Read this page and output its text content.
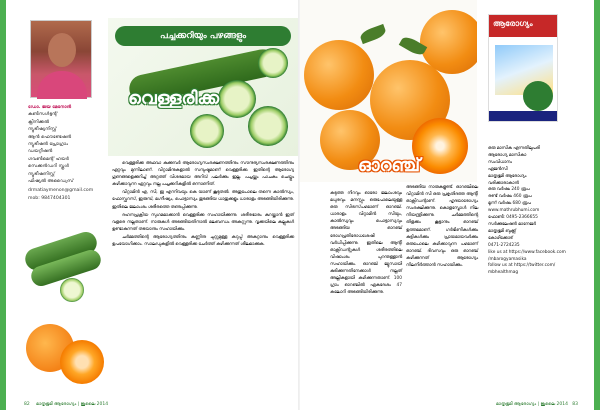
ഡോ. ജയ മേനോൻ
കൺസൾട്ടന്റ്
ക്ലിനിക്കൽ
ന്യൂട്രീഷ്യനിസ്റ്റ്
ആൻ ഫൌണ്ടേഷൻ
ന്യൂട്രീഷൻ പ്രോഗ്രാം
ഡയറ്റീഷൻ
ഗവൺമെന്റ് ഹയർ
സെക്കൻഡറി സ്കൂൾ
ന്യൂട്രീഷനിസ്റ്റ്
ഫിഷ്യൽ അഡ്വൈസ്
drmatiaymenon@gmail.com
mob: 9847404301
പച്ചക്കറിയും പഴങ്ങളും
വെള്ളരിക്ക

വെള്ളരിക്ക അഥവാ കുക്കുമ്പർ ആരോഗ്യസംരക്ഷണത്തിനും സൗന്ദര്യസംരക്ഷണത്തിനും ഏറ്റവും മുന്നിലാണ്. വിറ്റാമിനുകളാൽ സമ്പുഷ്ടമാണ് വെള്ളരിക്ക. ഇതിന്റെ ആരോഗ്യ ഗുണങ്ങളെക്കുറിച്ച് അറ്റത്ത് വിശദമായ അറിവ് പലർക്കും ഇല്ല. പച്ചയ്ക്കും പാചകം ചെയ്തും കഴിക്കാവുന്ന ഏറ്റവും നല്ല പച്ചക്കറികളിൽ ഒന്നാണിത്.

വിറ്റാമിൻ എ, സി, ഇ എന്നിവയും കെ യാണ് കൂടുതൽ. അതുപോലെ തന്നെ കാൽസ്യം, ഫോസ്ഫറസ്, ഇരുമ്പ്, മഗ്നീഷ്യം, പൊട്ടാസ്യം തുടങ്ങിയ ധാതുക്കളും ധാരാളം അടങ്ങിയിരിക്കുന്നു. ഇതിലെ ജലാംശം ശരീരത്തെ തണുപ്പിക്കുന്നു.

ദഹനപ്രക്രിയ സുഗമമാക്കാൻ വെള്ളരിക്ക സഹായിക്കുന്നു. ശരീരഭാരം കുറയ്ക്കാൻ ഇത് വളരെ നല്ലതാണ്. നാരുകൾ അടങ്ങിയതിനാൽ മലബന്ധം അകറ്റുന്നു. വൃക്കയിലെ കല്ലുകൾ ഉണ്ടാകുന്നത് തടയാനും സഹായിക്കും.

ചർമ്മത്തിന്റെ ആരോഗ്യത്തിനും കണ്ണിനു ചുറ്റുമുള്ള കറുപ്പ് അകറ്റാനും വെള്ളരിക്ക ഉപയോഗിക്കാം. സാലഡുകളിൽ വെള്ളരിക്ക ചേർത്ത് കഴിക്കുന്നത് ശീലമാക്കുക.

82 മാതൃഭൂമി ആരോഗ്യം | ജൂലൈ 2014
ഓറഞ്ച്
കടുത്ത നിറവും ഓരോ ജലാംശവും മധുരവും മനസ്സും ഒരുപോലെയുള്ള ഒരു സിട്രസ്‌പഴമാണ് ഓറഞ്ച്. ധാരാളം വിറ്റാമിൻ സിയും, കാൽസ്യവും പൊട്ടാസ്യവും അടങ്ങിയ ഓറഞ്ച് രോഗപ്രതിരോധശേഷി വർധിപ്പിക്കുന്നു. ഇതിലെ ആന്റി ഓക്സിഡന്റുകൾ ശരീരത്തിലെ വിഷാംശം പുറന്തള്ളാൻ സഹായിക്കും. ഓറഞ്ച് ജ്യൂസായി കുടിക്കുന്നതിനേക്കാൾ നല്ലത് അല്ലികളായി കഴിക്കുന്നതാണ്. 100 ഗ്രാം ഓറഞ്ചിൽ ഏകദേശം 47 കലോറി അടങ്ങിയിരിക്കുന്നു.
അടങ്ങിയ നാരുകളുണ്ട്. ഓറഞ്ചിലെ വിറ്റാമിൻ സി ഒരു പ്രകൃതിദത്ത ആന്റി ഓക്സിഡന്റാണ്. ഹൃദയാരോഗ്യം സംരക്ഷിക്കുന്നു. കൊളസ്ട്രോൾ നില നിയന്ത്രിക്കുന്നു. ചർമ്മത്തിന്റെ തിളക്കം കൂട്ടാനും ഓറഞ്ച് ഉത്തമമാണ്. ഗർഭിണികൾക്കും കുട്ടികൾക്കും പ്രായമായവർക്കും ഒരുപോലെ കഴിക്കാവുന്ന പഴമാണ് ഓറഞ്ച്. ദിവസവും ഒരു ഓറഞ്ച് കഴിക്കുന്നത് ആരോഗ്യം നിലനിർത്താൻ സഹായിക്കും.
ആരോഗ്യം
ഒരു മാസിക എന്നതിലുപരി
ആരോഗ്യ മാസികാ
സംവിധാനം
ഏജൻസി
മാതൃഭൂമി ആരോഗ്യം
വരിക്കാരാകാൻ
ഒരു വർഷം 240 രൂപ
രണ്ട് വർഷം 460 രൂപ
മൂന്ന് വർഷം 680 രൂപ
www.mathrubhumi.com
ഫോൺ: 0495-2366655
സർക്കുലേഷൻ മാനേജർ
മാതൃഭൂമി ബുക്ക്സ്
കോഴിക്കോട്
0471-2724235
like us at https://www.facebook.com
/mbarogyamasika
follow us at https://twitter.com/
mbhealthmag
മാതൃഭൂമി ആരോഗ്യം | ജൂലൈ 2014 83
